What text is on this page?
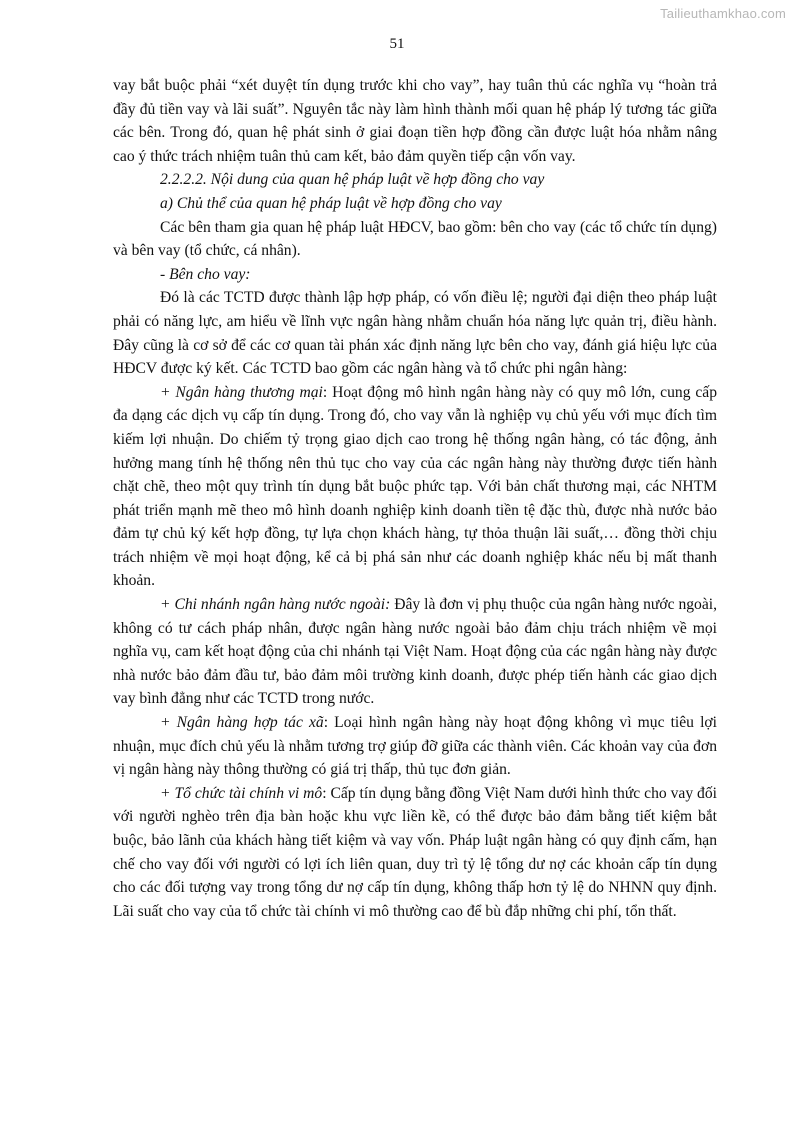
Tailieuthamkhao.com
51

vay bắt buộc phải “xét duyệt tín dụng trước khi cho vay”, hay tuân thủ các nghĩa vụ “hoàn trả đầy đủ tiền vay và lãi suất”. Nguyên tắc này làm hình thành mối quan hệ pháp lý tương tác giữa các bên. Trong đó, quan hệ phát sinh ở giai đoạn tiền hợp đồng cần được luật hóa nhằm nâng cao ý thức trách nhiệm tuân thủ cam kết, bảo đảm quyền tiếp cận vốn vay.

2.2.2.2. Nội dung của quan hệ pháp luật về hợp đồng cho vay

a) Chủ thể của quan hệ pháp luật về hợp đồng cho vay

Các bên tham gia quan hệ pháp luật HĐCV, bao gồm: bên cho vay (các tổ chức tín dụng) và bên vay (tổ chức, cá nhân).

- Bên cho vay:

Đó là các TCTD được thành lập hợp pháp, có vốn điều lệ; người đại diện theo pháp luật phải có năng lực, am hiểu về lĩnh vực ngân hàng nhằm chuẩn hóa năng lực quản trị, điều hành. Đây cũng là cơ sở để các cơ quan tài phán xác định năng lực bên cho vay, đánh giá hiệu lực của HĐCV được ký kết. Các TCTD bao gồm các ngân hàng và tổ chức phi ngân hàng:

+ Ngân hàng thương mại: Hoạt động mô hình ngân hàng này có quy mô lớn, cung cấp đa dạng các dịch vụ cấp tín dụng. Trong đó, cho vay vẫn là nghiệp vụ chủ yếu với mục đích tìm kiếm lợi nhuận. Do chiếm tỷ trọng giao dịch cao trong hệ thống ngân hàng, có tác động, ảnh hưởng mang tính hệ thống nên thủ tục cho vay của các ngân hàng này thường được tiến hành chặt chẽ, theo một quy trình tín dụng bắt buộc phức tạp. Với bản chất thương mại, các NHTM phát triển mạnh mẽ theo mô hình doanh nghiệp kinh doanh tiền tệ đặc thù, được nhà nước bảo đảm tự chủ ký kết hợp đồng, tự lựa chọn khách hàng, tự thỏa thuận lãi suất,… đồng thời chịu trách nhiệm về mọi hoạt động, kể cả bị phá sản như các doanh nghiệp khác nếu bị mất thanh khoản.

+ Chi nhánh ngân hàng nước ngoài: Đây là đơn vị phụ thuộc của ngân hàng nước ngoài, không có tư cách pháp nhân, được ngân hàng nước ngoài bảo đảm chịu trách nhiệm về mọi nghĩa vụ, cam kết hoạt động của chi nhánh tại Việt Nam. Hoạt động của các ngân hàng này được nhà nước bảo đảm đầu tư, bảo đảm môi trường kinh doanh, được phép tiến hành các giao dịch vay bình đẳng như các TCTD trong nước.

+ Ngân hàng hợp tác xã: Loại hình ngân hàng này hoạt động không vì mục tiêu lợi nhuận, mục đích chủ yếu là nhằm tương trợ giúp đỡ giữa các thành viên. Các khoản vay của đơn vị ngân hàng này thông thường có giá trị thấp, thủ tục đơn giản.

+ Tổ chức tài chính vi mô: Cấp tín dụng bằng đồng Việt Nam dưới hình thức cho vay đối với người nghèo trên địa bàn hoặc khu vực liền kề, có thể được bảo đảm bằng tiết kiệm bắt buộc, bảo lãnh của khách hàng tiết kiệm và vay vốn. Pháp luật ngân hàng có quy định cấm, hạn chế cho vay đối với người có lợi ích liên quan, duy trì tỷ lệ tổng dư nợ các khoản cấp tín dụng cho các đối tượng vay trong tổng dư nợ cấp tín dụng, không thấp hơn tỷ lệ do NHNN quy định. Lãi suất cho vay của tổ chức tài chính vi mô thường cao để bù đắp những chi phí, tổn thất.
